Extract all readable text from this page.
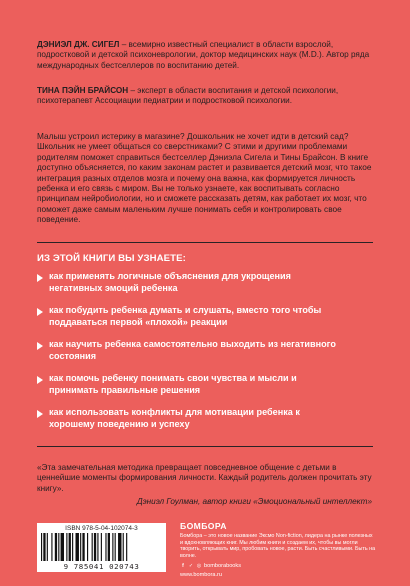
ДЭНИЭЛ ДЖ. СИГЕЛ – всемирно известный специалист в области взрослой, подростковой и детской психоневрологии, доктор медицинских наук (M.D.). Автор ряда международных бестселлеров по воспитанию детей.

ТИНА ПЭЙН БРАЙСОН – эксперт в области воспитания и детской психологии, психотерапевт Ассоциации педиатрии и подростковой психологии.

Малыш устроил истерику в магазине? Дошкольник не хочет идти в детский сад? Школьник не умеет общаться со сверстниками? С этими и другими проблемами родителям поможет справиться бестселлер Дэниэла Сигела и Тины Брайсон. В книге доступно объясняется, по каким законам растет и развивается детский мозг, что такое интеграция разных отделов мозга и почему она важна, как формируется личность ребенка и его связь с миром. Вы не только узнаете, как воспитывать согласно принципам нейробиологии, но и сможете рассказать детям, как работает их мозг, что поможет даже самым маленьким лучше понимать себя и контролировать свое поведение.

ИЗ ЭТОЙ КНИГИ ВЫ УЗНАЕТЕ:

как применять логичные объяснения для укрощения негативных эмоций ребенка
как побудить ребенка думать и слушать, вместо того чтобы поддаваться первой «плохой» реакции
как научить ребенка самостоятельно выходить из негативного состояния
как помочь ребенку понимать свои чувства и мысли и принимать правильные решения
как использовать конфликты для мотивации ребенка к хорошему поведению и успеху

«Эта замечательная методика превращает повседневное общение с детьми в ценнейшие моменты формирования личности. Каждый родитель должен прочитать эту книгу».

Дэниэл Гоулман, автор книги «Эмоциональный интеллект»

ISBN 978-5-04-102074-3
9 785041 020743

БОМБОРА

Бомбора – это новое название Эксмо Non-fiction, лидера на рынке полезных и вдохновляющих книг. Мы любим книги и создаем их, чтобы вы могли творить, открывать мир, пробовать новое, расти. Быть счастливыми. Быть на волне.

f	✓ ◎ bomborabooks

www.bombora.ru
